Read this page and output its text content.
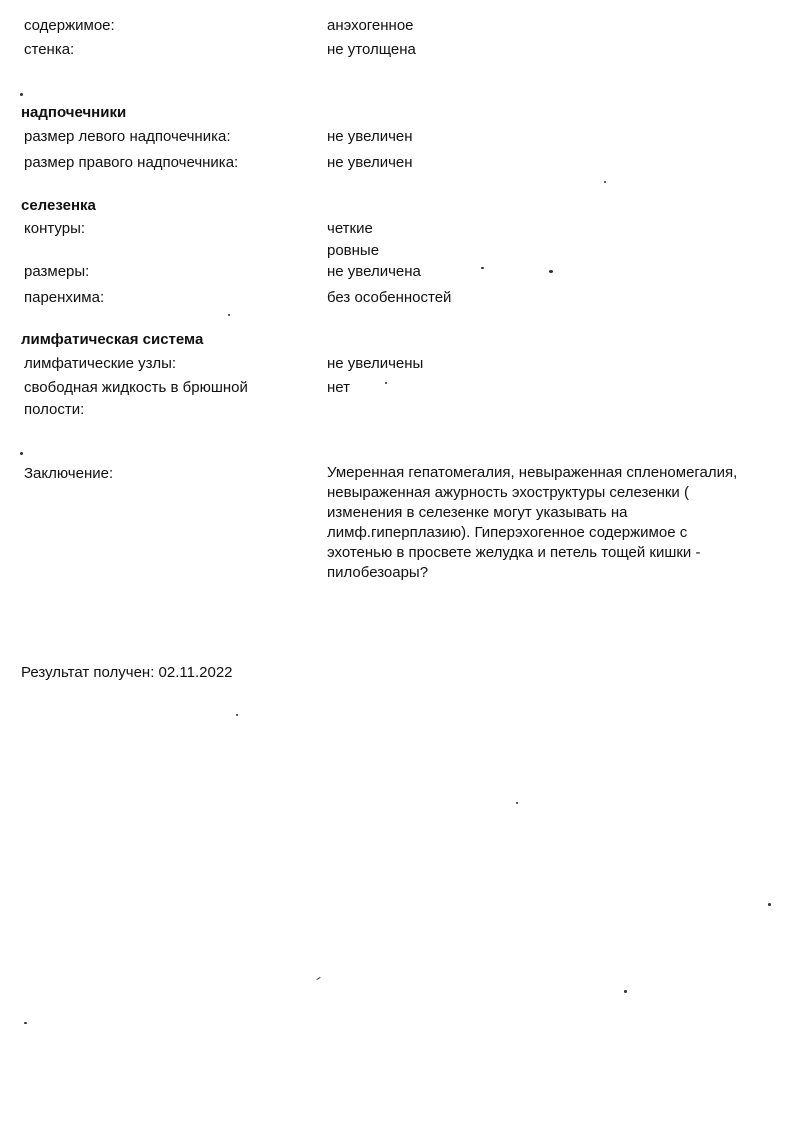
содержимое:	анэхогенное
стенка:	не утолщена
надпочечники
размер левого надпочечника:	не увеличен
размер правого надпочечника:	не увеличен
селезенка
контуры:	четкие
ровные
размеры:	не увеличена
паренхима:	без особенностей
лимфатическая система
лимфатические узлы:	не увеличены
свободная жидкость в брюшной
полости:
нет
Заключение:	Умеренная гепатомегалия, невыраженная спленомегалия,
невыраженная ажурность эхоструктуры селезенки (
изменения в селезенке могут указывать на
лимф.гиперплазию). Гиперэхогенное содержимое с
эхотенью в просвете желудка и петель тощей кишки -
пилобезоары?
Результат получен: 02.11.2022
